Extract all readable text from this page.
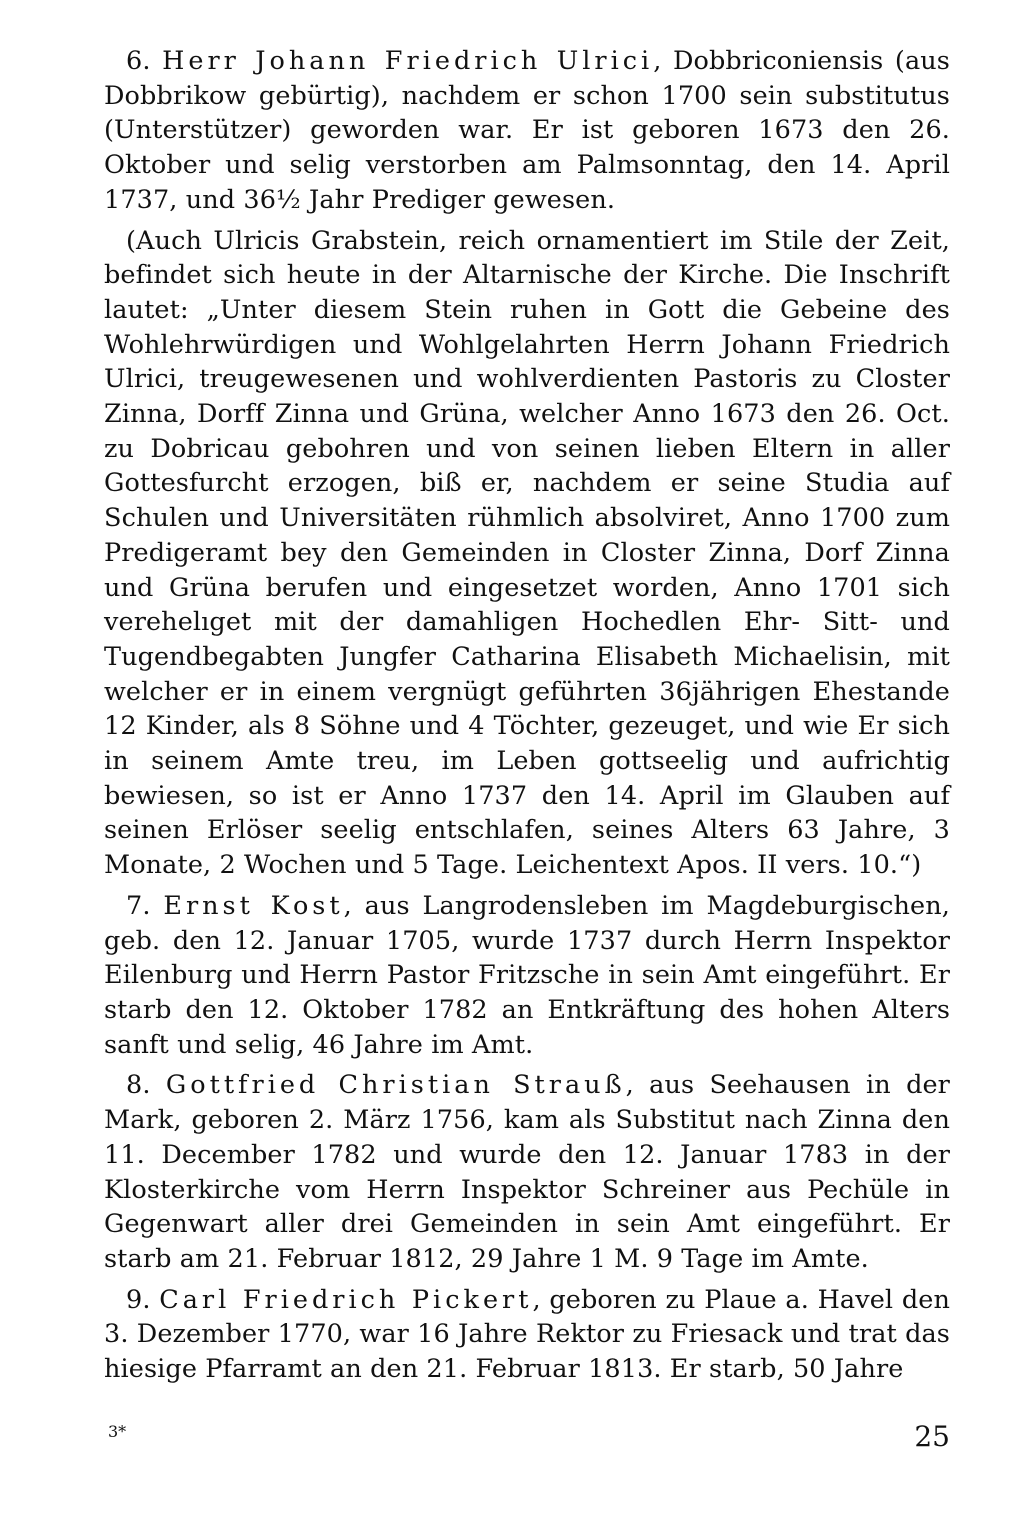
6. Herr Johann Friedrich Ulrici, Dobbriconiensis (aus Dobbrikow gebürtig), nachdem er schon 1700 sein substitutus (Unterstützer) geworden war. Er ist geboren 1673 den 26. Oktober und selig verstorben am Palmsonntag, den 14. April 1737, und 36½ Jahr Prediger gewesen.

(Auch Ulricis Grabstein, reich ornamentiert im Stile der Zeit, befindet sich heute in der Altarnische der Kirche. Die Inschrift lautet: „Unter diesem Stein ruhen in Gott die Gebeine des Wohlehrwürdigen und Wohlgelahrten Herrn Johann Friedrich Ulrici, treugewesenen und wohlverdienten Pastoris zu Closter Zinna, Dorff Zinna und Grüna, welcher Anno 1673 den 26. Oct. zu Dobricau gebohren und von seinen lieben Eltern in aller Gottesfurcht erzogen, biß er, nachdem er seine Studia auf Schulen und Universitäten rühmlich absolviret, Anno 1700 zum Predigeramt bey den Gemeinden in Closter Zinna, Dorf Zinna und Grüna berufen und eingesetzet worden, Anno 1701 sich verehelıget mit der damahligen Hochedlen Ehr- Sitt- und Tugendbegabten Jungfer Catharina Elisabeth Michaelisin, mit welcher er in einem vergnügt geführten 36jährigen Ehestande 12 Kinder, als 8 Söhne und 4 Töchter, gezeuget, und wie Er sich in seinem Amte treu, im Leben gottseelig und aufrichtig bewiesen, so ist er Anno 1737 den 14. April im Glauben auf seinen Erlöser seelig entschlafen, seines Alters 63 Jahre, 3 Monate, 2 Wochen und 5 Tage. Leichentext Apos. II vers. 10.“)

7. Ernst Kost, aus Langrodensleben im Magdeburgischen, geb. den 12. Januar 1705, wurde 1737 durch Herrn Inspektor Eilenburg und Herrn Pastor Fritzsche in sein Amt eingeführt. Er starb den 12. Oktober 1782 an Entkräftung des hohen Alters sanft und selig, 46 Jahre im Amt.

8. Gottfried Christian Strauß, aus Seehausen in der Mark, geboren 2. März 1756, kam als Substitut nach Zinna den 11. December 1782 und wurde den 12. Januar 1783 in der Klosterkirche vom Herrn Inspektor Schreiner aus Pechüle in Gegenwart aller drei Gemeinden in sein Amt eingeführt. Er starb am 21. Februar 1812, 29 Jahre 1 M. 9 Tage im Amte.

9. Carl Friedrich Pickert, geboren zu Plaue a. Havel den 3. Dezember 1770, war 16 Jahre Rektor zu Friesack und trat das hiesige Pfarramt an den 21. Februar 1813. Er starb, 50 Jahre

3*	25
